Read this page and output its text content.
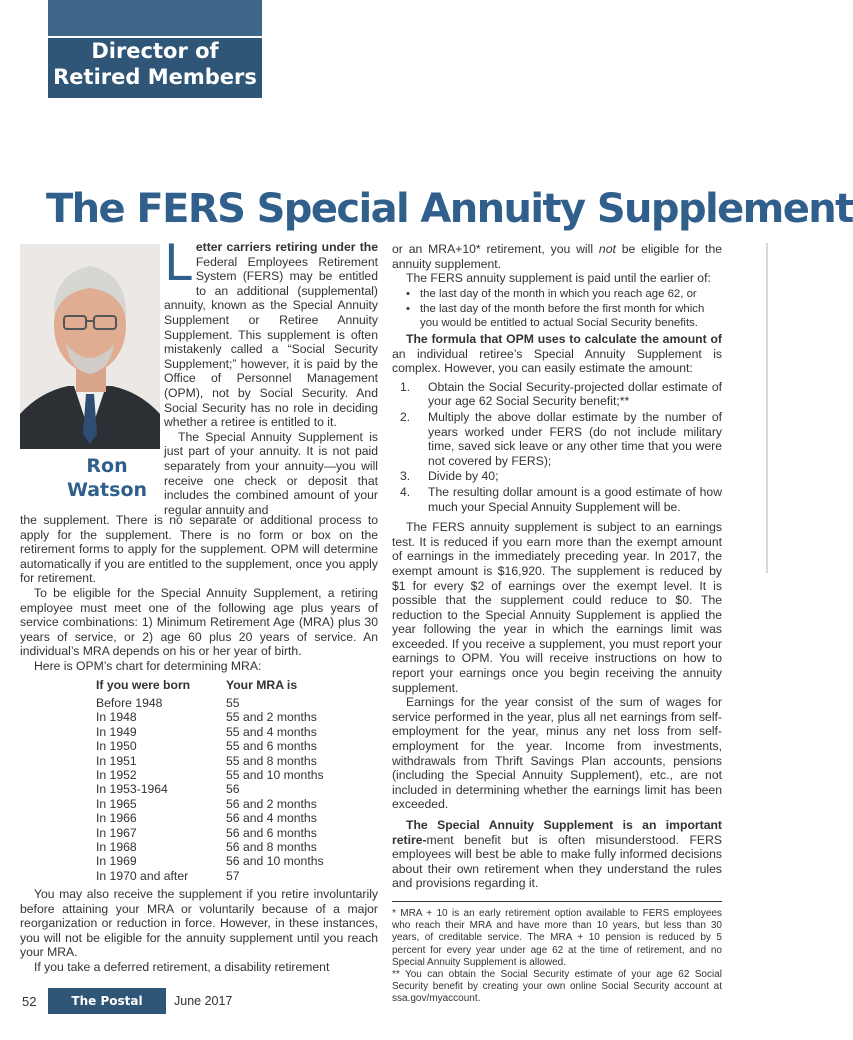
Director of
Retired Members
The FERS Special Annuity Supplement
Ron
Watson

Letter carriers retiring under the Federal Employees Retirement System (FERS) may be entitled to an additional (supplemental) annuity, known as the Special Annuity Supplement or Retiree Annuity Supplement. This supplement is often mistakenly called a “Social Security Supplement;” however, it is paid by the Office of Personnel Management (OPM), not by Social Security. And Social Security has no role in deciding whether a retiree is entitled to it.

The Special Annuity Supplement is just part of your annuity. It is not paid separately from your annuity—you will receive one check or deposit that includes the combined amount of your regular annuity and

the supplement. There is no separate or additional process to apply for the supplement. There is no form or box on the retirement forms to apply for the supplement. OPM will determine automatically if you are entitled to the supplement, once you apply for retirement.

To be eligible for the Special Annuity Supplement, a retiring employee must meet one of the following age plus years of service combinations: 1) Minimum Retirement Age (MRA) plus 30 years of service, or 2) age 60 plus 20 years of service. An individual’s MRA depends on his or her year of birth.

Here is OPM’s chart for determining MRA:

If you were born	Your MRA is
Before 1948	55
In 1948	55 and 2 months
In 1949	55 and 4 months
In 1950	55 and 6 months
In 1951	55 and 8 months
In 1952	55 and 10 months
In 1953-1964	56
In 1965	56 and 2 months
In 1966	56 and 4 months
In 1967	56 and 6 months
In 1968	56 and 8 months
In 1969	56 and 10 months
In 1970 and after	57

You may also receive the supplement if you retire involuntarily before attaining your MRA or voluntarily because of a major reorganization or reduction in force. However, in these instances, you will not be eligible for the annuity supplement until you reach your MRA.

If you take a deferred retirement, a disability retirement

or an MRA+10* retirement, you will not be eligible for the annuity supplement.

The FERS annuity supplement is paid until the earlier of:

• the last day of the month in which you reach age 62, or
• the last day of the month before the first month for which you would be entitled to actual Social Security benefits.

The formula that OPM uses to calculate the amount of an individual retiree’s Special Annuity Supplement is complex. However, you can easily estimate the amount:

1. Obtain the Social Security-projected dollar estimate of your age 62 Social Security benefit;**
2. Multiply the above dollar estimate by the number of years worked under FERS (do not include military time, saved sick leave or any other time that you were not covered by FERS);
3. Divide by 40;
4. The resulting dollar amount is a good estimate of how much your Special Annuity Supplement will be.

The FERS annuity supplement is subject to an earnings test. It is reduced if you earn more than the exempt amount of earnings in the immediately preceding year. In 2017, the exempt amount is $16,920. The supplement is reduced by $1 for every $2 of earnings over the exempt level. It is possible that the supplement could reduce to $0. The reduction to the Special Annuity Supplement is applied the year following the year in which the earnings limit was exceeded. If you receive a supplement, you must report your earnings to OPM. You will receive instructions on how to report your earnings once you begin receiving the annuity supplement.

Earnings for the year consist of the sum of wages for service performed in the year, plus all net earnings from self-employment for the year, minus any net loss from self-employment for the year. Income from investments, withdrawals from Thrift Savings Plan accounts, pensions (including the Special Annuity Supplement), etc., are not included in determining whether the earnings limit has been exceeded.

The Special Annuity Supplement is an important retire-ment benefit but is often misunderstood. FERS employees will best be able to make fully informed decisions about their own retirement when they understand the rules and provisions regarding it.

* MRA + 10 is an early retirement option available to FERS employees who reach their MRA and have more than 10 years, but less than 30 years, of creditable service. The MRA + 10 pension is reduced by 5 percent for every year under age 62 at the time of retirement, and no Special Annuity Supplement is allowed.

** You can obtain the Social Security estimate of your age 62 Social Security benefit by creating your own online Social Security account at ssa.gov/myaccount.

52	The Postal Record
June 2017
